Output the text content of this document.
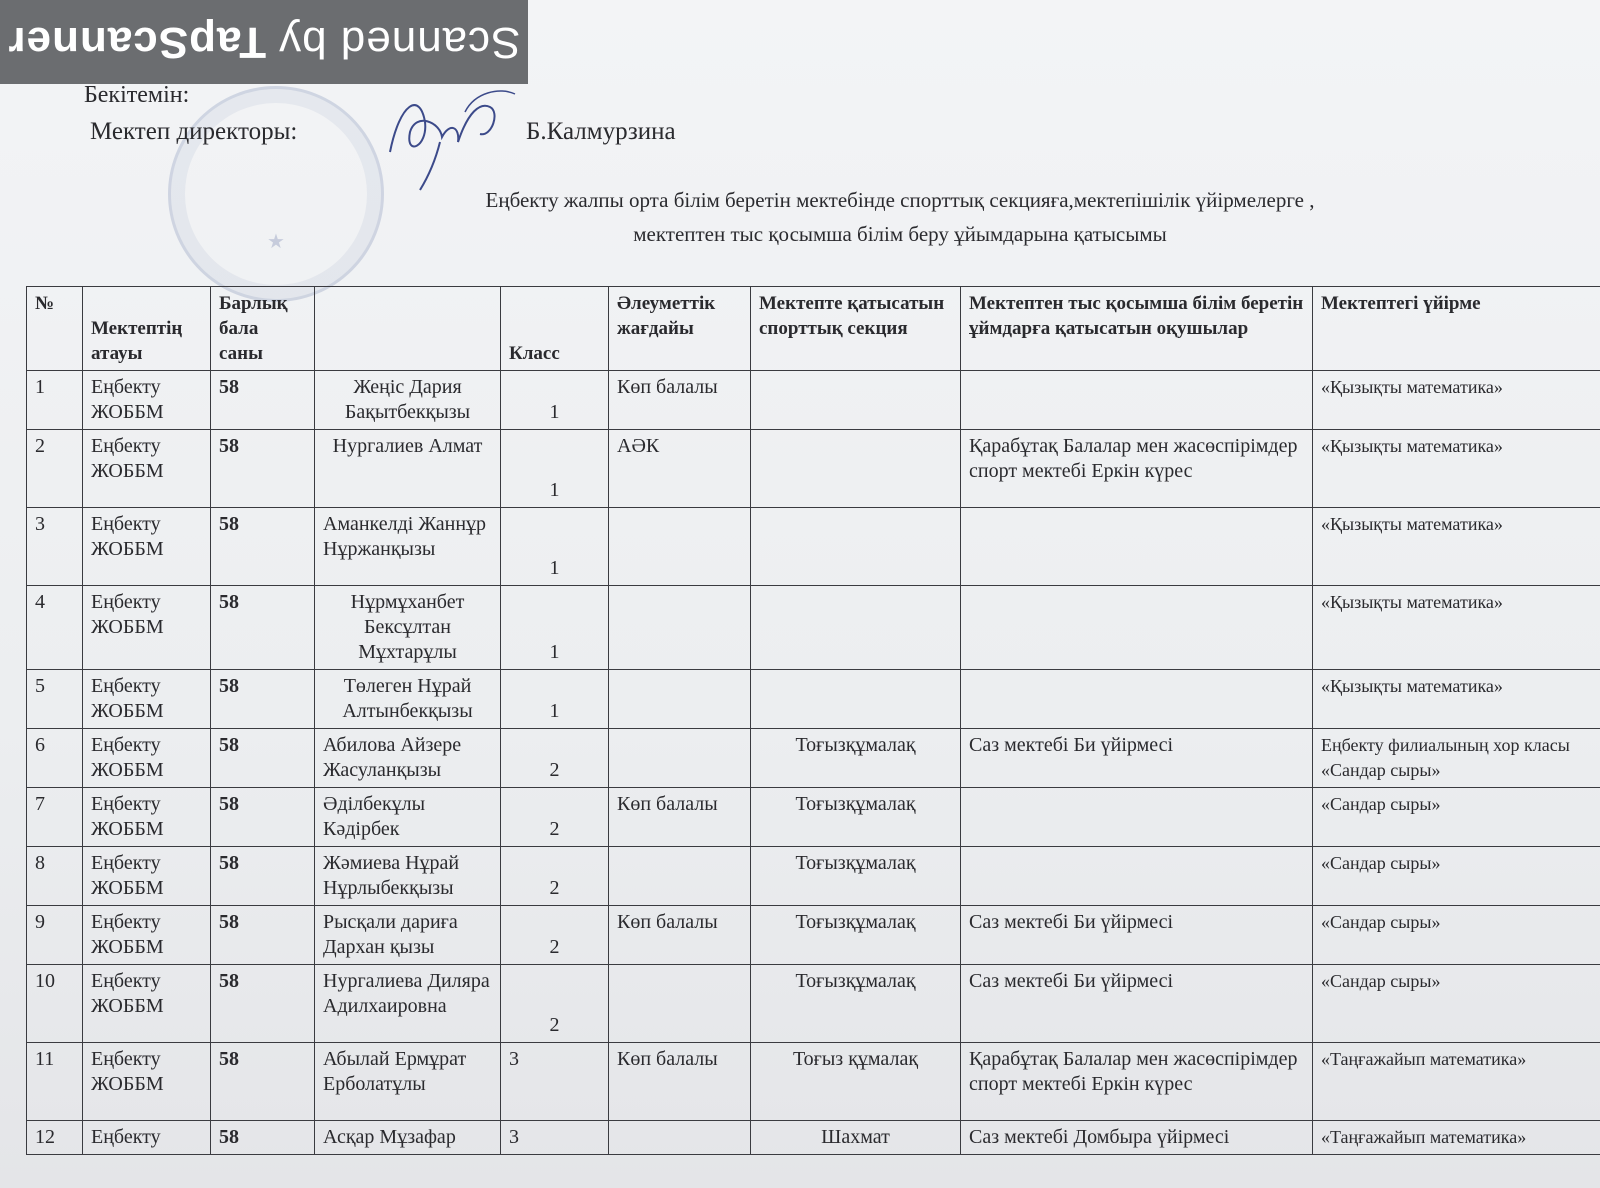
Scanned by
TapScanner
★
Бекітемін:
Мектеп директоры:	Б.Калмурзина
Еңбекту жалпы орта білім беретін мектебінде спорттық секцияға,мектепішілік үйірмелерге ,
мектептен тыс қосымша білім беру ұйымдарына қатысымы
№	Мектептің атауы	Барлық бала саны		Класс	Әлеуметтік жағдайы	Мектепте қатысатын спорттық секция	Мектептен тыс қосымша білім беретін ұймдарға қатысатын оқушылар	Мектептегі үйірме
1	Еңбекту ЖОББМ	58	Жеңіс Дария Бақытбекқызы	1	Көп балалы			«Қызықты математика»
2	Еңбекту ЖОББМ	58	Нургалиев Алмат	1	АӘК		Қарабұтақ Балалар мен жасөспірімдер спорт мектебі Еркін күрес	«Қызықты математика»
3	Еңбекту ЖОББМ	58	Аманкелді Жаннұр Нұржанқызы	1				«Қызықты математика»
4	Еңбекту ЖОББМ	58	Нұрмұханбет Бексұлтан Мұхтарұлы	1				«Қызықты математика»
5	Еңбекту ЖОББМ	58	Төлеген Нұрай Алтынбекқызы	1				«Қызықты математика»
6	Еңбекту ЖОББМ	58	Абилова Айзере Жасуланқызы	2		Тоғызқұмалақ	Саз мектебі Би үйірмесі	Еңбекту филиалының хор класы «Сандар сыры»
7	Еңбекту ЖОББМ	58	Әділбекұлы Кәдірбек	2	Көп балалы	Тоғызқұмалақ		«Сандар сыры»
8	Еңбекту ЖОББМ	58	Жәмиева Нұрай Нұрлыбекқызы	2		Тоғызқұмалақ		«Сандар сыры»
9	Еңбекту ЖОББМ	58	Рысқали дариға Дархан қызы	2	Көп балалы	Тоғызқұмалақ	Саз мектебі Би үйірмесі	«Сандар сыры»
10	Еңбекту ЖОББМ	58	Нургалиева Диляра Адилхаировна	2		Тоғызқұмалақ	Саз мектебі Би үйірмесі	«Сандар сыры»
11	Еңбекту ЖОББМ	58	Абылай Ермұрат Ерболатұлы	3	Көп балалы	Тоғыз құмалақ	Қарабұтақ Балалар мен жасөспірімдер спорт мектебі Еркін күрес	«Таңғажайып математика»
12	Еңбекту	58	Асқар Мұзафар	3		Шахмат	Саз мектебі Домбыра үйірмесі	«Таңғажайып математика»
